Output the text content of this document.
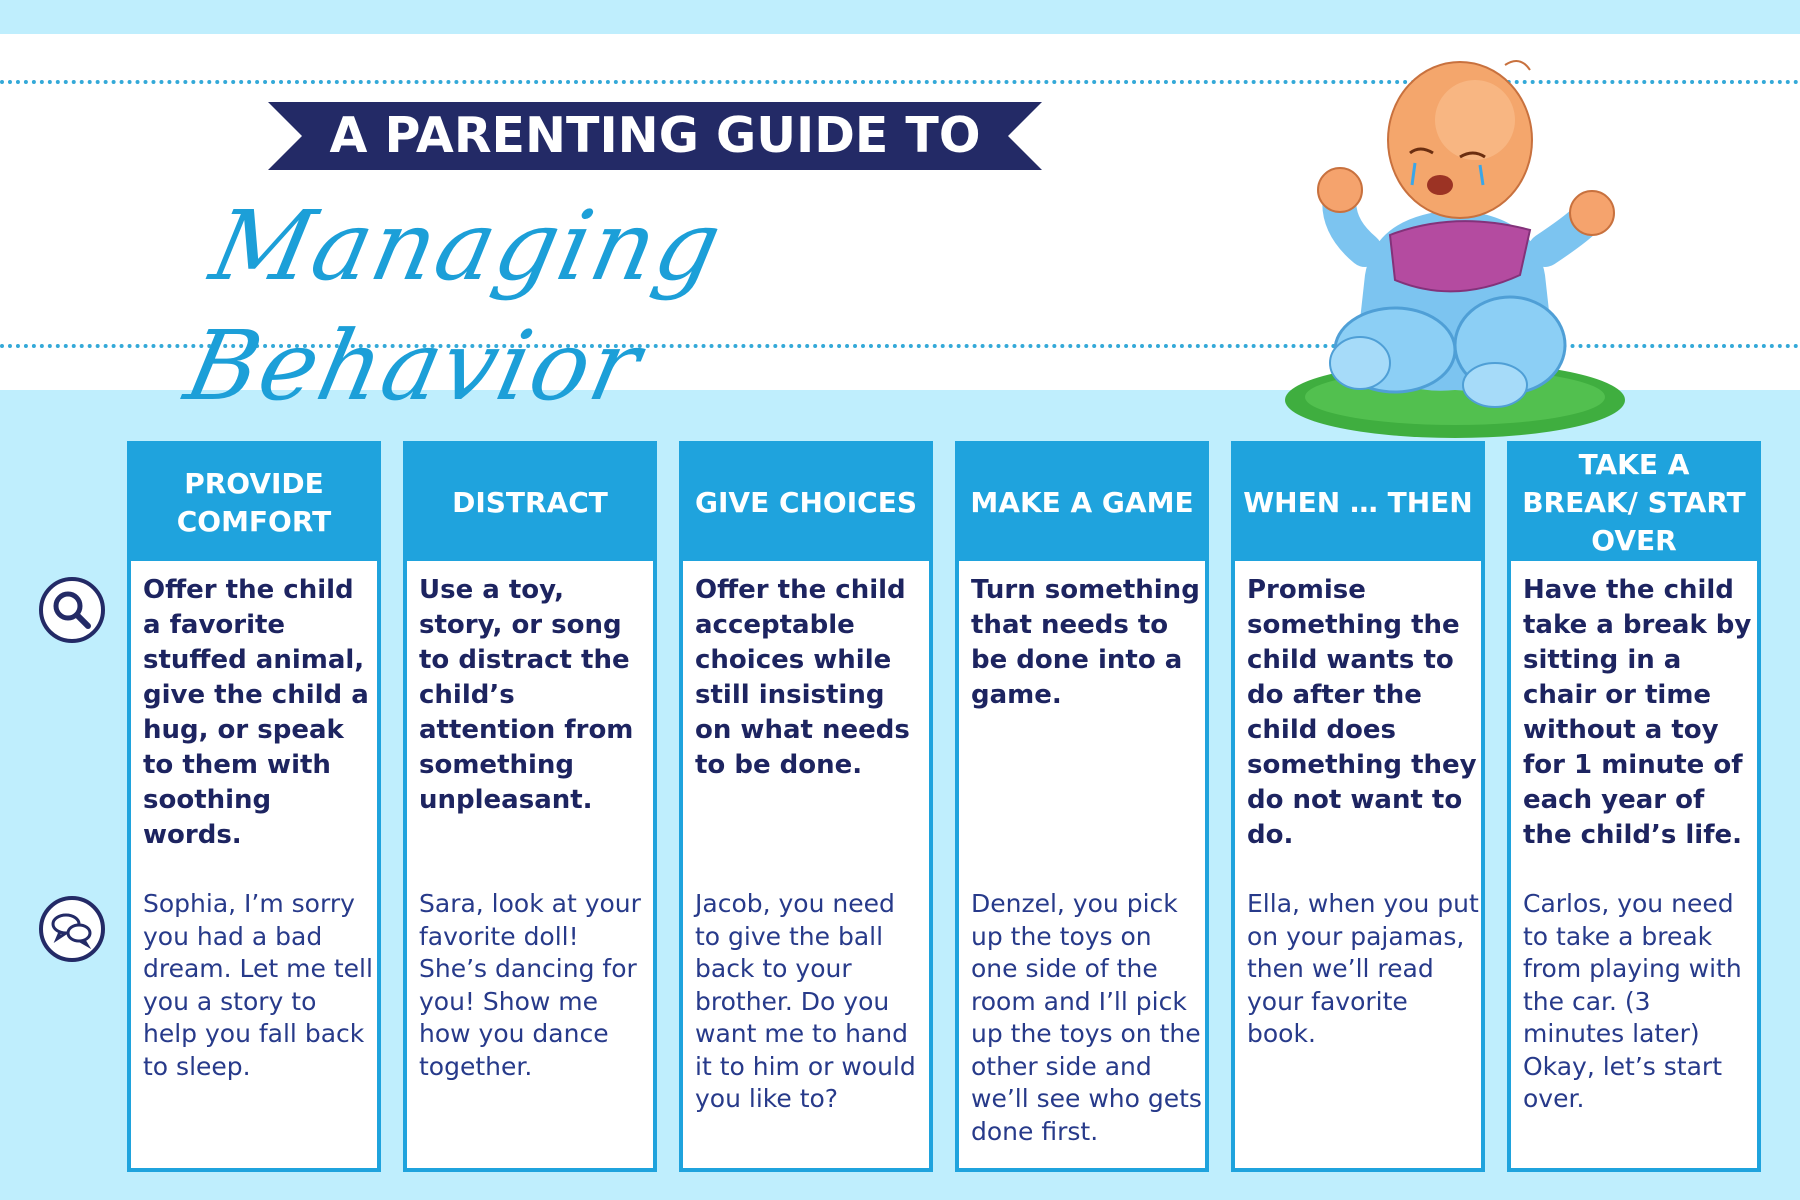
A PARENTING GUIDE TO
Managing Behavior
PROVIDE COMFORT

Offer the child a favorite stuffed animal, give the child a hug, or speak to them with soothing words.

Sophia, I’m sorry you had a bad dream. Let me tell you a story to help you fall back to sleep.

DISTRACT

Use a toy, story, or song to distract the child’s attention from something unpleasant.

Sara, look at your favorite doll! She’s dancing for you! Show me how you dance together.

GIVE CHOICES

Offer the child acceptable choices while still insisting on what needs to be done.

Jacob, you need to give the ball back to your brother. Do you want me to hand it to him or would you like to?

MAKE A GAME

Turn something that needs to be done into a game.

Denzel, you pick up the toys on one side of the room and I’ll pick up the toys on the other side and we’ll see who gets done first.

WHEN … THEN

Promise something the child wants to do after the child does something they do not want to do.

Ella, when you put on your pajamas, then we’ll read your favorite book.

TAKE A BREAK/ START OVER

Have the child take a break by sitting in a chair or time without a toy for 1 minute of each year of the child’s life.

Carlos, you need to take a break from playing with the car. (3 minutes later) Okay, let’s start over.
